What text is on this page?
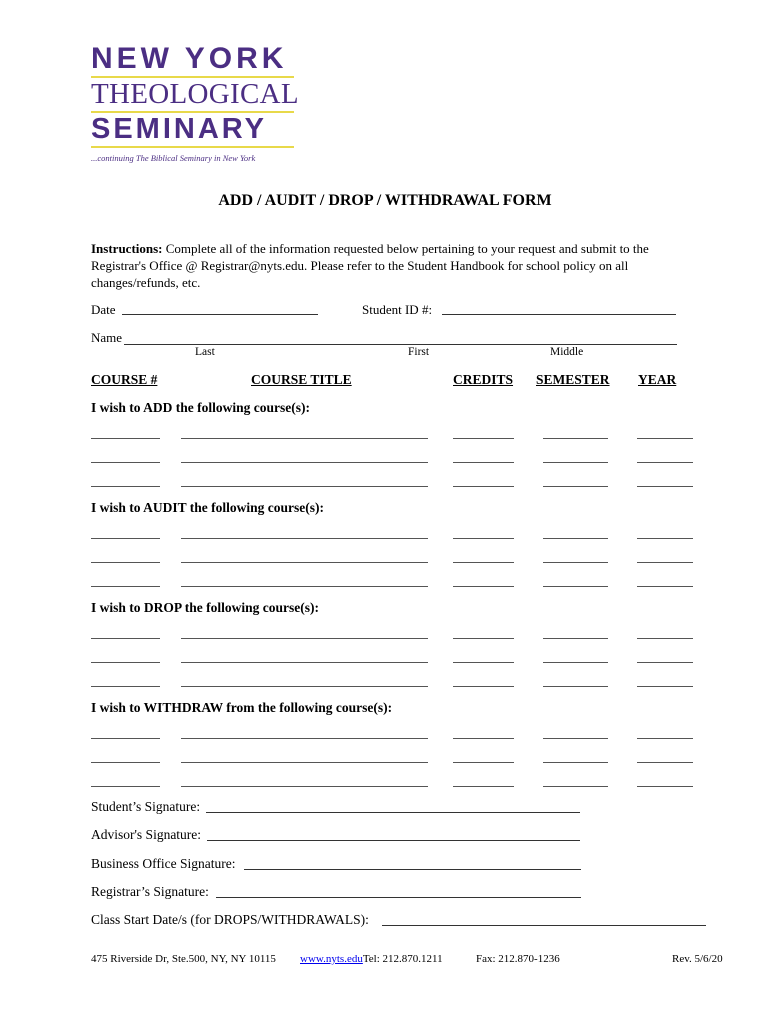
NEW YORK
THEOLOGICAL
SEMINARY
...continuing The Biblical Seminary in New York
ADD / AUDIT / DROP / WITHDRAWAL FORM
Instructions: Complete all of the information requested below pertaining to your request and submit to the Registrar's Office @ Registrar@nyts.edu. Please refer to the Student Handbook for school policy on all changes/refunds, etc.
Date	Student ID #:
Name
Last	First	Middle
COURSE #	COURSE TITLE	CREDITS SEMESTER YEAR
I wish to ADD the following course(s):
I wish to AUDIT the following course(s):
I wish to DROP the following course(s):
I wish to WITHDRAW from the following course(s):
Student’s Signature:
Advisor's Signature:
Business Office Signature:
Registrar’s Signature:
Class Start Date/s (for DROPS/WITHDRAWALS):
475 Riverside Dr, Ste.500, NY, NY 10115 www.nyts.eduTel: 212.870.1211	Fax: 212.870-1236	Rev. 5/6/20
